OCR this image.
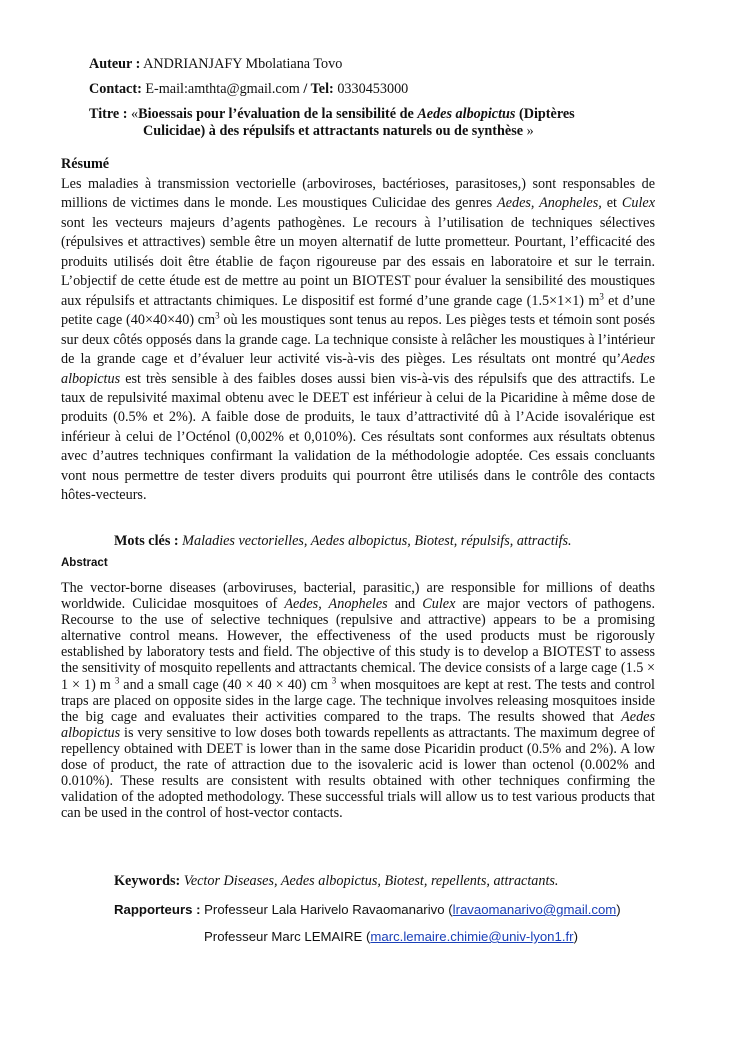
Auteur : ANDRIANJAFY Mbolatiana Tovo
Contact: E-mail:amthta@gmail.com / Tel: 0330453000
Titre : «Bioessais pour l’évaluation de la sensibilité de Aedes albopictus (Diptères
Culicidae) à des répulsifs et attractants naturels ou de synthèse »
Résumé
Les maladies à transmission vectorielle (arboviroses, bactérioses, parasitoses,) sont responsables de millions de victimes dans le monde. Les moustiques Culicidae des genres Aedes, Anopheles, et Culex sont les vecteurs majeurs d’agents pathogènes. Le recours à l’utilisation de techniques sélectives (répulsives et attractives) semble être un moyen alternatif de lutte prometteur. Pourtant, l’efficacité des produits utilisés doit être établie de façon rigoureuse par des essais en laboratoire et sur le terrain. L’objectif de cette étude est de mettre au point un BIOTEST pour évaluer la sensibilité des moustiques aux répulsifs et attractants chimiques. Le dispositif est formé d’une grande cage (1.5×1×1) $m^3$ et d’une petite cage (40×40×40) $cm^3$ où les moustiques sont tenus au repos. Les pièges tests et témoin sont posés sur deux côtés opposés dans la grande cage. La technique consiste à relâcher les moustiques à l’intérieur de la grande cage et d’évaluer leur activité vis-à-vis des pièges. Les résultats ont montré qu’Aedes albopictus est très sensible à des faibles doses aussi bien vis-à-vis des répulsifs que des attractifs. Le taux de repulsivité maximal obtenu avec le DEET est inférieur à celui de la Picaridine à même dose de produits (0.5% et 2%). A faible dose de produits, le taux d’attractivité dû à l’Acide isovalérique est inférieur à celui de l’Octénol (0,002% et 0,010%). Ces résultats sont conformes aux résultats obtenus avec d’autres techniques confirmant la validation de la méthodologie adoptée. Ces essais concluants vont nous permettre de tester divers produits qui pourront être utilisés dans le contrôle des contacts hôtes-vecteurs.
Mots clés : Maladies vectorielles, Aedes albopictus, Biotest, répulsifs, attractifs.
Abstract
The vector-borne diseases (arboviruses, bacterial, parasitic,) are responsible for millions of deaths worldwide. Culicidae mosquitoes of Aedes, Anopheles and Culex are major vectors of pathogens. Recourse to the use of selective techniques (repulsive and attractive) appears to be a promising alternative control means. However, the effectiveness of the used products must be rigorously established by laboratory tests and field. The objective of this study is to develop a BIOTEST to assess the sensitivity of mosquito repellents and attractants chemical. The device consists of a large cage (1.5 × 1 × 1) m $^3$ and a small cage (40 × 40 × 40) cm $^3$ when mosquitoes are kept at rest. The tests and control traps are placed on opposite sides in the large cage. The technique involves releasing mosquitoes inside the big cage and evaluates their activities compared to the traps. The results showed that Aedes albopictus is very sensitive to low doses both towards repellents as attractants. The maximum degree of repellency obtained with DEET is lower than in the same dose Picaridin product (0.5% and 2%). A low dose of product, the rate of attraction due to the isovaleric acid is lower than octenol (0.002% and 0.010%). These results are consistent with results obtained with other techniques confirming the validation of the adopted methodology. These successful trials will allow us to test various products that can be used in the control of host-vector contacts.
Keywords: Vector Diseases, Aedes albopictus, Biotest, repellents, attractants.
Rapporteurs : Professeur Lala Harivelo Ravaomanarivo (lravaomanarivo@gmail.com)
Professeur Marc LEMAIRE (marc.lemaire.chimie@univ-lyon1.fr)
